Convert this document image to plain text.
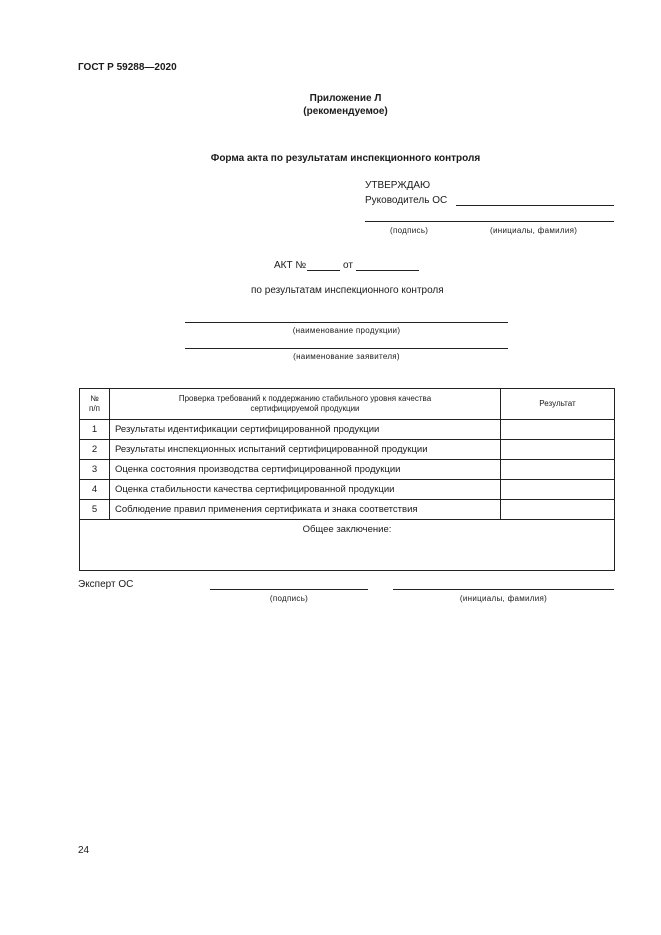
ГОСТ Р 59288—2020
Приложение Л
(рекомендуемое)
Форма акта по результатам инспекционного контроля
УТВЕРЖДАЮ
Руководитель ОС
(подпись)	(инициалы, фамилия)
АКТ №	от
по результатам инспекционного контроля
(наименование продукции)
(наименование заявителя)
№ п/п	Проверка требований к поддержанию стабильного уровня качества сертифицируемой продукции	Результат
1	Результаты идентификации сертифицированной продукции	
2	Результаты инспекционных испытаний сертифицированной продукции	
3	Оценка состояния производства сертифицированной продукции	
4	Оценка стабильности качества сертифицированной продукции	
5	Соблюдение правил применения сертификата и знака соответствия	
Общее заключение:		
Эксперт ОС
(подпись)	(инициалы, фамилия)
24
